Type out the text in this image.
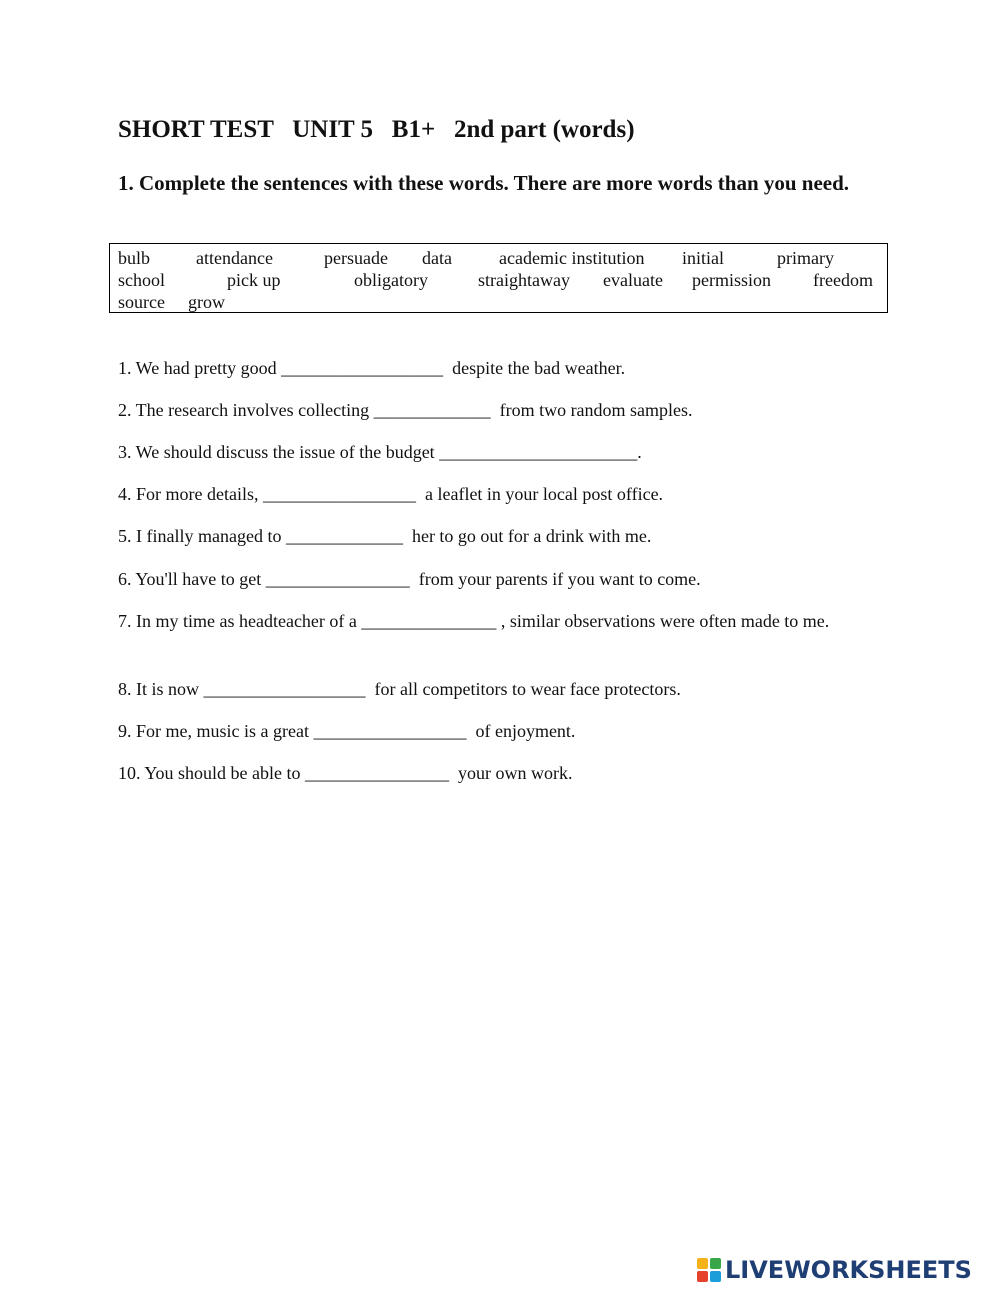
SHORT TEST   UNIT 5   B1+   2nd part (words)

1. Complete the sentences with these words. There are more words than you need.

bulb	attendance	persuade data	academic institution initial	primary
school	pick up	obligatory	straightaway evaluate permission freedom
source grow
1. We had pretty good __________________  despite the bad weather.
2. The research involves collecting _____________  from two random samples.
3. We should discuss the issue of the budget ______________________.
4. For more details, _________________  a leaflet in your local post office.
5. I finally managed to _____________  her to go out for a drink with me.
6. You'll have to get ________________  from your parents if you want to come.
7. In my time as headteacher of a _______________ , similar observations were often made to me.
8. It is now __________________  for all competitors to wear face protectors.
9. For me, music is a great _________________  of enjoyment.
10. You should be able to ________________  your own work.
LIVEWORKSHEETS
